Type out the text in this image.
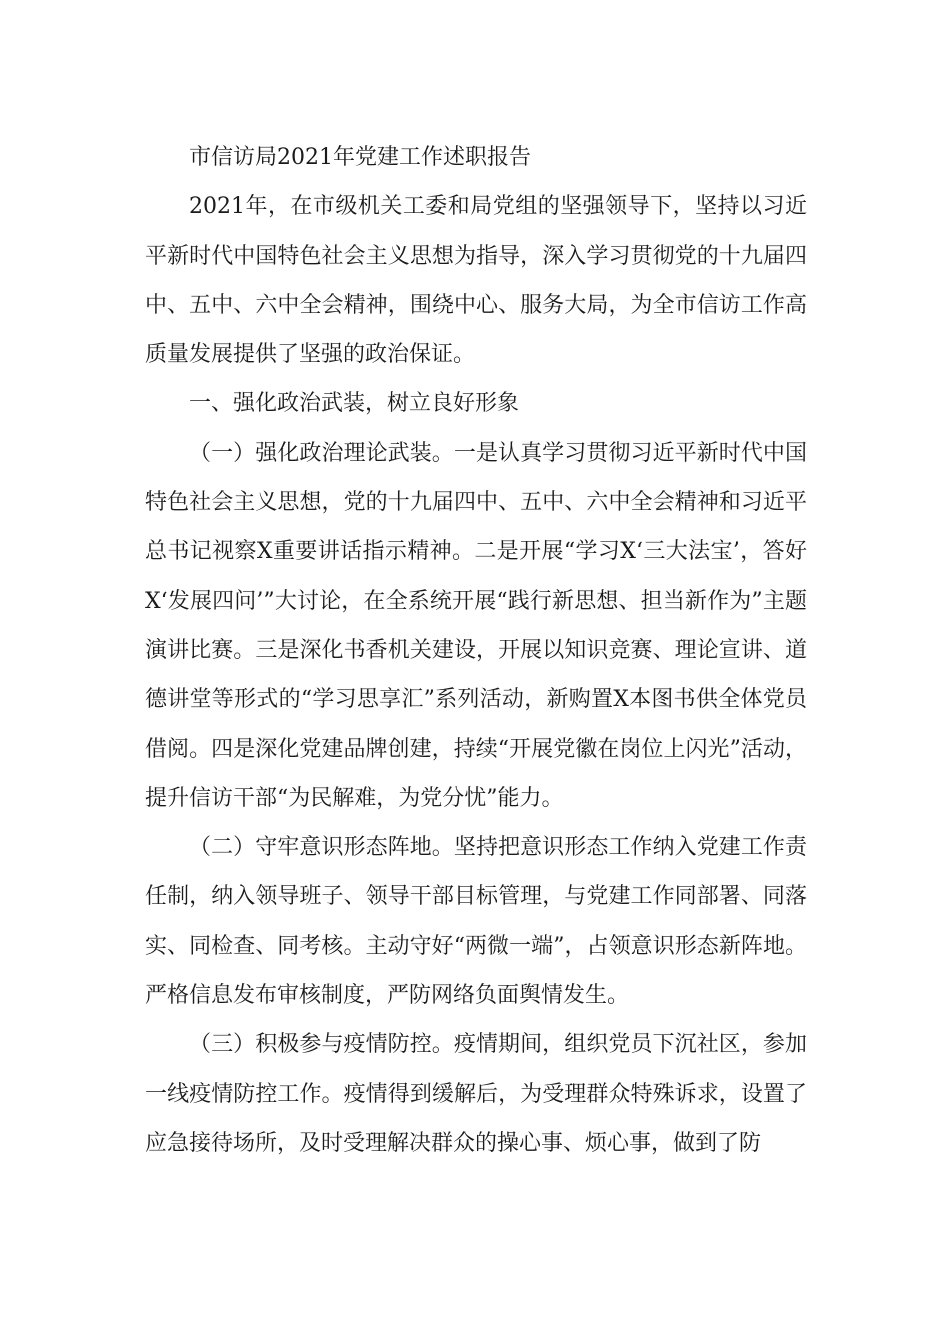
市信访局2021年党建工作述职报告

2021年，在市级机关工委和局党组的坚强领导下，坚持以习近平新时代中国特色社会主义思想为指导，深入学习贯彻党的十九届四中、五中、六中全会精神，围绕中心、服务大局，为全市信访工作高质量发展提供了坚强的政治保证。

一、强化政治武装，树立良好形象

（一）强化政治理论武装。一是认真学习贯彻习近平新时代中国特色社会主义思想，党的十九届四中、五中、六中全会精神和习近平总书记视察X重要讲话指示精神。二是开展“学习X‘三大法宝’，答好X‘发展四问’”大讨论，在全系统开展“践行新思想、担当新作为”主题演讲比赛。三是深化书香机关建设，开展以知识竞赛、理论宣讲、道德讲堂等形式的“学习思享汇”系列活动，新购置X本图书供全体党员借阅。四是深化党建品牌创建，持续“开展党徽在岗位上闪光”活动，提升信访干部“为民解难，为党分忧”能力。

（二）守牢意识形态阵地。坚持把意识形态工作纳入党建工作责任制，纳入领导班子、领导干部目标管理，与党建工作同部署、同落实、同检查、同考核。主动守好“两微一端”，占领意识形态新阵地。严格信息发布审核制度，严防网络负面舆情发生。

（三）积极参与疫情防控。疫情期间，组织党员下沉社区，参加一线疫情防控工作。疫情得到缓解后，为受理群众特殊诉求，设置了应急接待场所，及时受理解决群众的操心事、烦心事，做到了防
